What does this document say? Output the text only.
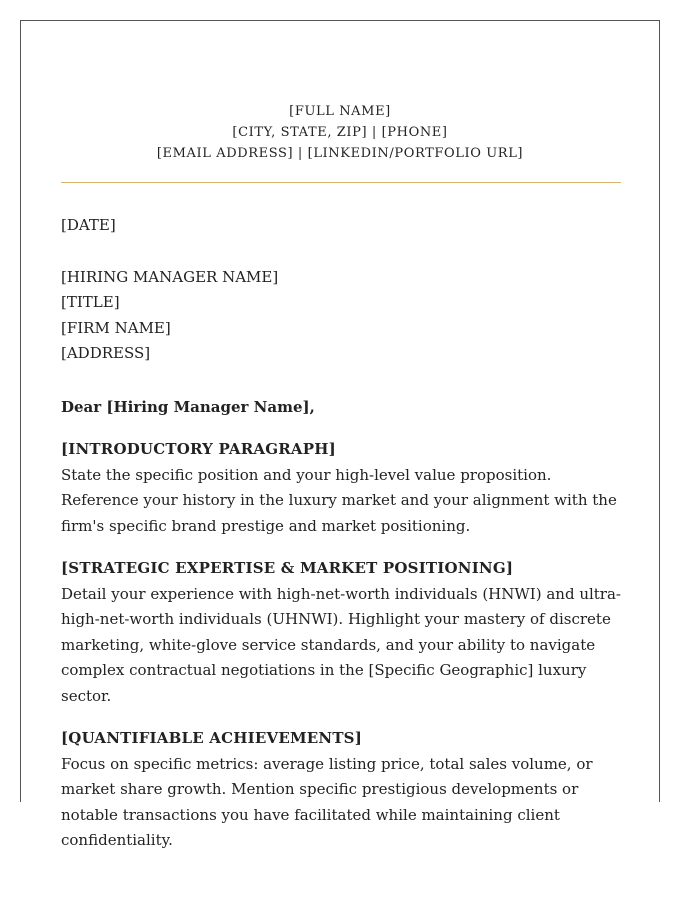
[FULL NAME]
[CITY, STATE, ZIP] | [PHONE]
[EMAIL ADDRESS] | [LINKEDIN/PORTFOLIO URL]
[DATE]
[HIRING MANAGER NAME]
[TITLE]
[FIRM NAME]
[ADDRESS]
Dear [Hiring Manager Name],
[INTRODUCTORY PARAGRAPH]

State the specific position and your high-level value proposition. Reference your history in the luxury market and your alignment with the firm's specific brand prestige and market positioning.

[STRATEGIC EXPERTISE & MARKET POSITIONING]

Detail your experience with high-net-worth individuals (HNWI) and ultra-high-net-worth individuals (UHNWI). Highlight your mastery of discrete marketing, white-glove service standards, and your ability to navigate complex contractual negotiations in the [Specific Geographic] luxury sector.

[QUANTIFIABLE ACHIEVEMENTS]

Focus on specific metrics: average listing price, total sales volume, or market share growth. Mention specific prestigious developments or notable transactions you have facilitated while maintaining client confidentiality.
